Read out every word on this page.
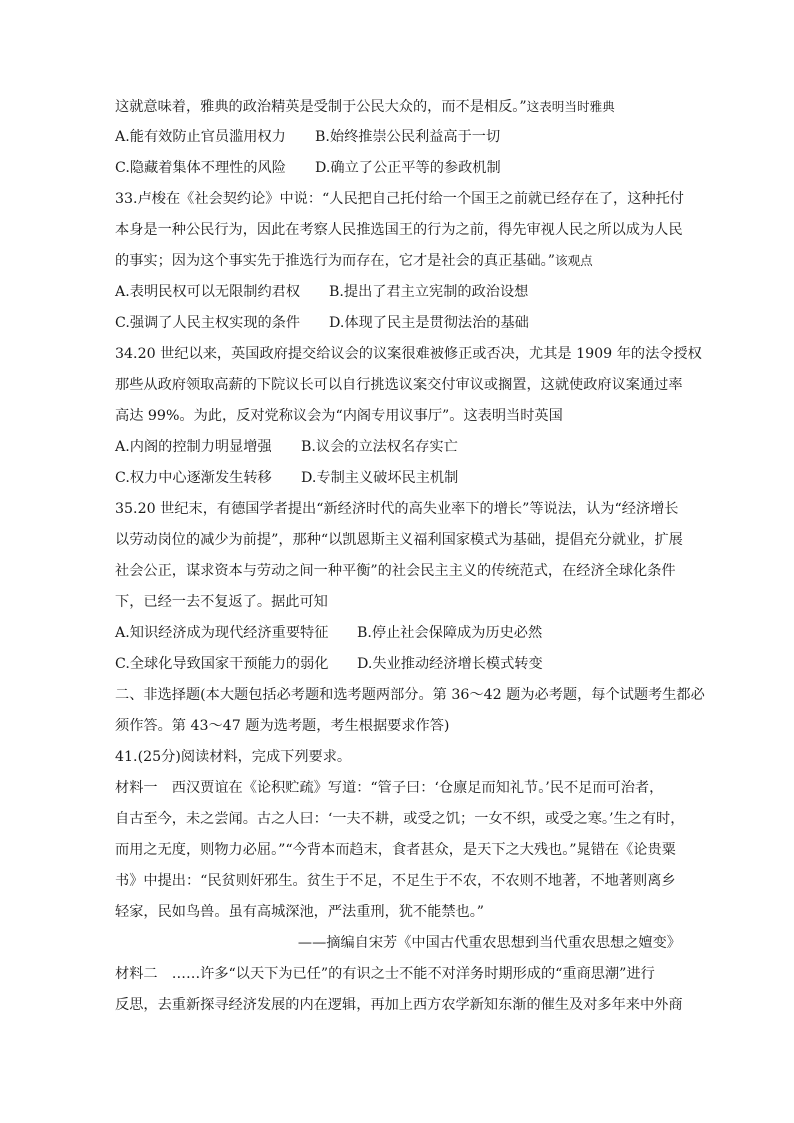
这就意味着，雅典的政治精英是受制于公民大众的，而不是相反。”这表明当时雅典
A.能有效防止官员滥用权力 B.始终推崇公民利益高于一切
C.隐藏着集体不理性的风险 D.确立了公正平等的参政机制
33.卢梭在《社会契约论》中说：“人民把自己托付给一个国王之前就已经存在了，这种托付
本身是一种公民行为，因此在考察人民推选国王的行为之前，得先审视人民之所以成为人民
的事实；因为这个事实先于推选行为而存在，它才是社会的真正基础。”该观点
A.表明民权可以无限制约君权 B.提出了君主立宪制的政治设想
C.强调了人民主权实现的条件 D.体现了民主是贯彻法治的基础
34.20 世纪以来，英国政府提交给议会的议案很难被修正或否决，尤其是 1909 年的法令授权
那些从政府领取高薪的下院议长可以自行挑选议案交付审议或搁置，这就使政府议案通过率
高达 99%。为此，反对党称议会为“内阁专用议事厅”。这表明当时英国
A.内阁的控制力明显增强 B.议会的立法权名存实亡
C.权力中心逐渐发生转移 D.专制主义破坏民主机制
35.20 世纪末，有德国学者提出“新经济时代的高失业率下的增长”等说法，认为“经济增长
以劳动岗位的减少为前提”，那种“以凯恩斯主义福利国家模式为基础，提倡充分就业，扩展
社会公正，谋求资本与劳动之间一种平衡”的社会民主主义的传统范式，在经济全球化条件
下，已经一去不复返了。据此可知
A.知识经济成为现代经济重要特征 B.停止社会保障成为历史必然
C.全球化导致国家干预能力的弱化 D.失业推动经济增长模式转变
二、非选择题(本大题包括必考题和选考题两部分。第 36～42 题为必考题，每个试题考生都必
须作答。第 43～47 题为选考题，考生根据要求作答)
41.(25分)阅读材料，完成下列要求。
材料一　西汉贾谊在《论积贮疏》写道：“管子曰：‘仓廪足而知礼节。’民不足而可治者，
自古至今，未之尝闻。古之人曰：‘一夫不耕，或受之饥；一女不织，或受之寒。’生之有时，
而用之无度，则物力必屈。”“今背本而趋末，食者甚众，是天下之大残也。”晁错在《论贵粟
书》中提出：“民贫则奸邪生。贫生于不足，不足生于不农，不农则不地著，不地著则离乡
轻家，民如鸟兽。虽有高城深池，严法重刑，犹不能禁也。”
——摘编自宋芳《中国古代重农思想到当代重农思想之嬗变》
材料二　……许多“以天下为已任”的有识之士不能不对洋务时期形成的“重商思潮”进行
反思，去重新探寻经济发展的内在逻辑，再加上西方农学新知东渐的催生及对多年来中外商
